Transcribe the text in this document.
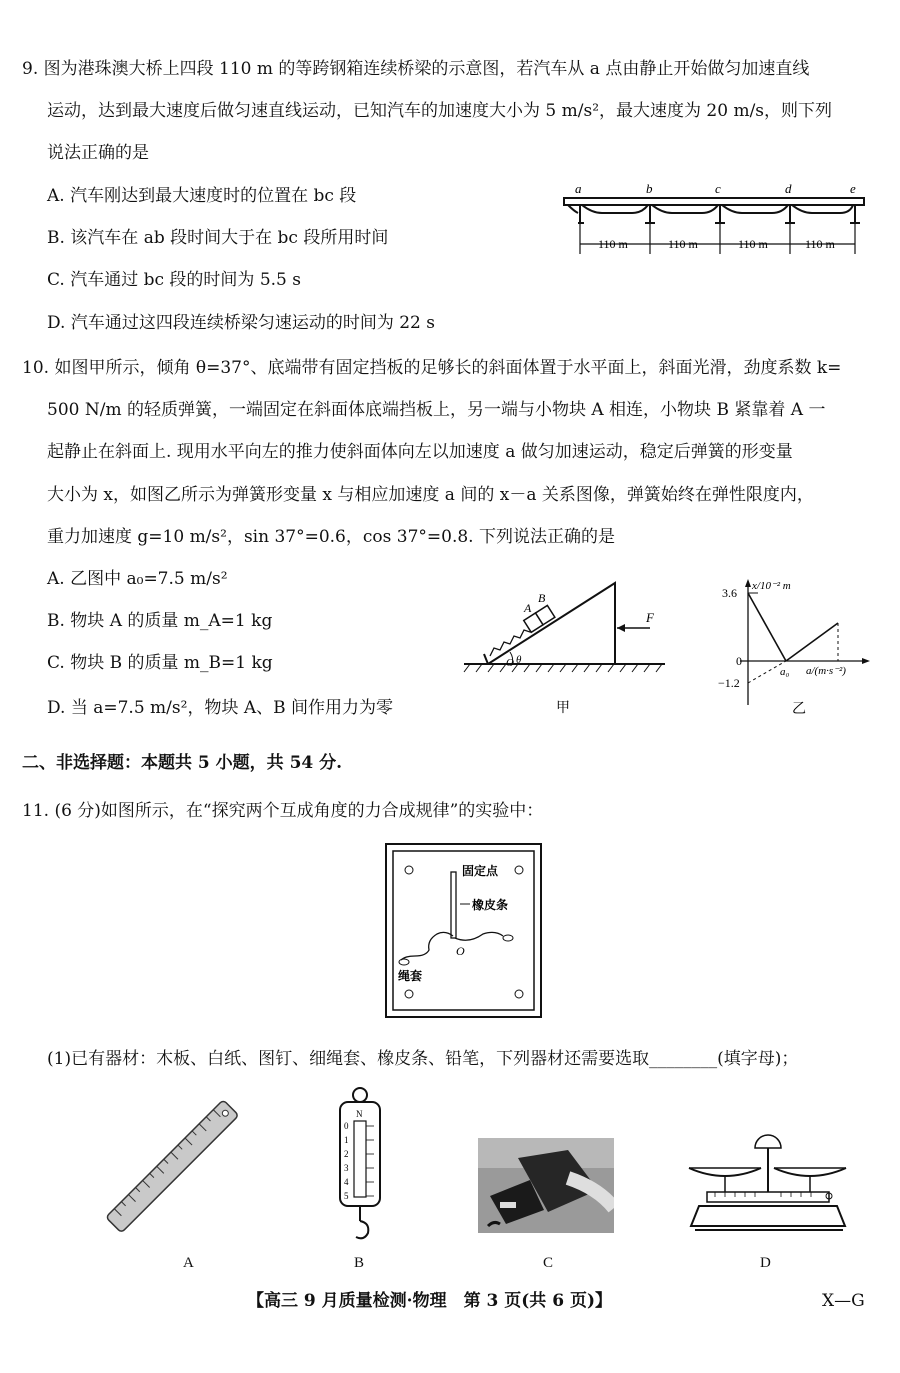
9. 图为港珠澳大桥上四段 110 m 的等跨钢箱连续桥梁的示意图，若汽车从 a 点由静止开始做匀加速直线
运动，达到最大速度后做匀速直线运动，已知汽车的加速度大小为 5 m/s²，最大速度为 20 m/s，则下列
说法正确的是
A. 汽车刚达到最大速度时的位置在 bc 段
B. 该汽车在 ab 段时间大于在 bc 段所用时间
C. 汽车通过 bc 段的时间为 5.5 s
D. 汽车通过这四段连续桥梁匀速运动的时间为 22 s
a	b	c	d	e
110 m	110 m	110 m	110 m
10. 如图甲所示，倾角 θ=37°、底端带有固定挡板的足够长的斜面体置于水平面上，斜面光滑，劲度系数 k=
500 N/m 的轻质弹簧，一端固定在斜面体底端挡板上，另一端与小物块 A 相连，小物块 B 紧靠着 A 一
起静止在斜面上. 现用水平向左的推力使斜面体向左以加速度 a 做匀加速运动，稳定后弹簧的形变量
大小为 x，如图乙所示为弹簧形变量 x 与相应加速度 a 间的 x－a 关系图像，弹簧始终在弹性限度内，
重力加速度 g=10 m/s²，sin 37°=0.6，cos 37°=0.8. 下列说法正确的是
A. 乙图中 a₀=7.5 m/s²
B. 物块 A 的质量 m_A=1 kg
C. 物块 B 的质量 m_B=1 kg
D. 当 a=7.5 m/s²，物块 A、B 间作用力为零
A
B
F
O θ
甲
x/10⁻² m
3.6
0
−1.2
a₀ a/(m·s⁻²)
乙
二、非选择题：本题共 5 小题，共 54 分.
11. (6 分)如图所示，在“探究两个互成角度的力合成规律”的实验中：
固定点
橡皮条
O
绳套
(1)已有器材：木板、白纸、图钉、细绳套、橡皮条、铅笔，下列器材还需要选取________(填字母)；
A
N
0
1
2
3
4
5
B	C	D
【高三 9 月质量检测·物理　第 3 页(共 6 页)】	X—G
